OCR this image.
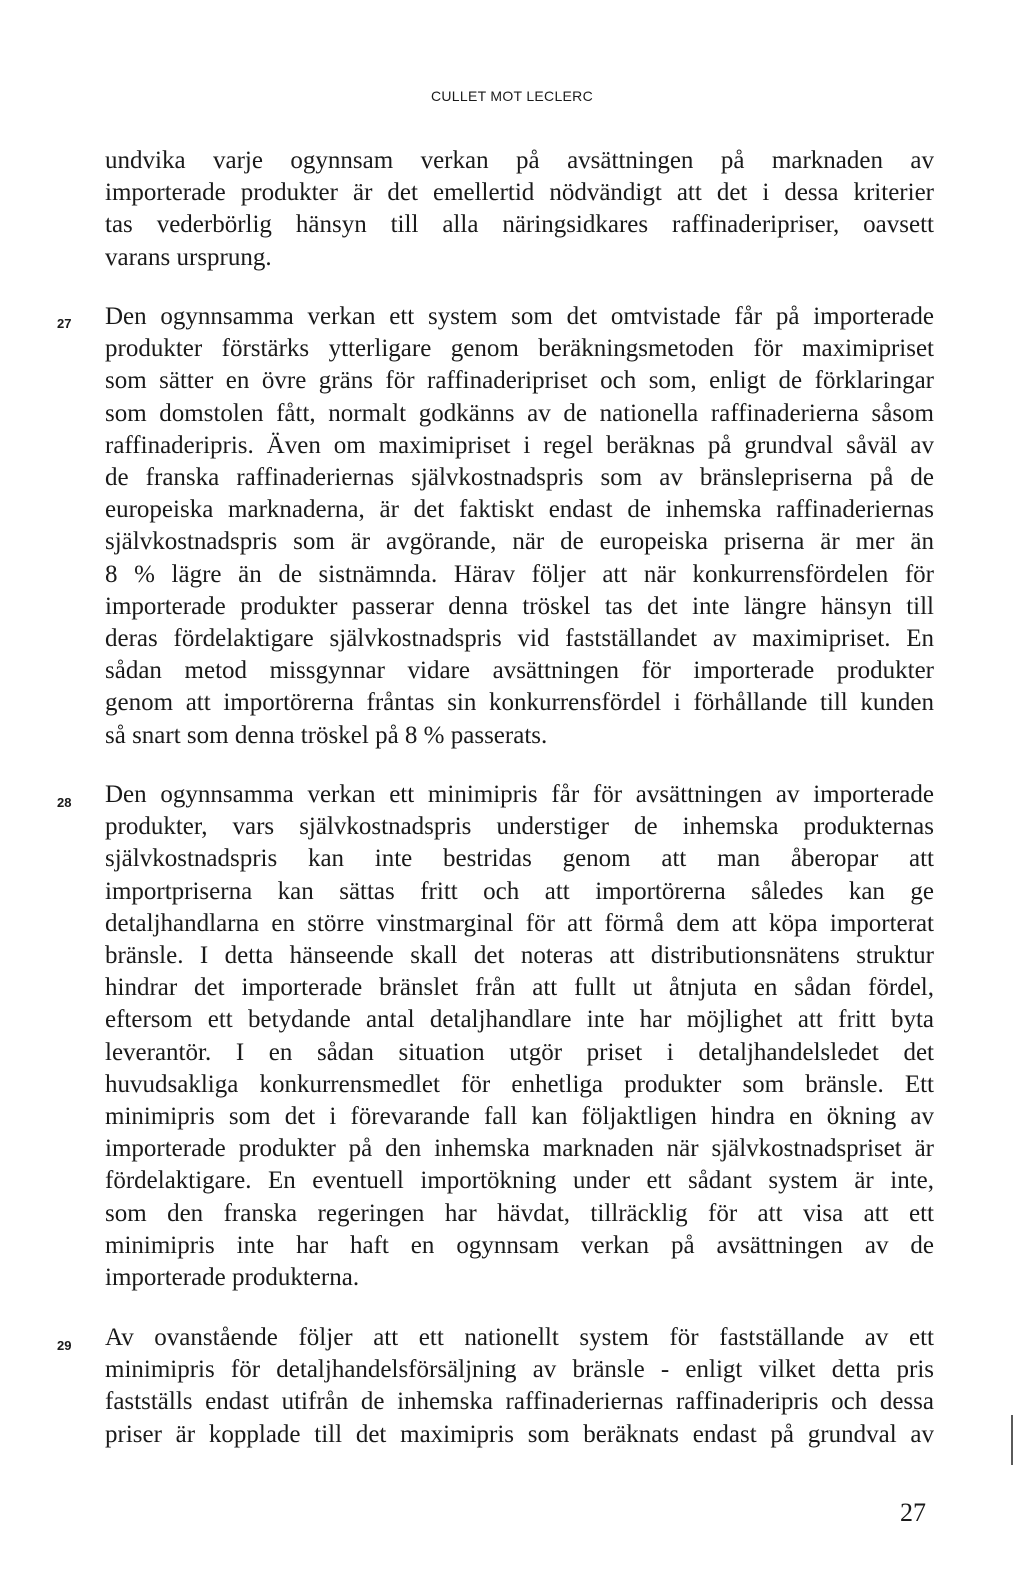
CULLET MOT LECLERC
undvika varje ogynnsam verkan på avsättningen på marknaden av
importerade produkter är det emellertid nödvändigt att det i dessa kriterier
tas vederbörlig hänsyn till alla näringsidkares raffinaderipriser, oavsett
varans ursprung.
27 Den ogynnsamma verkan ett system som det omtvistade får på importerade
produkter förstärks ytterligare genom beräkningsmetoden för maximipriset
som sätter en övre gräns för raffinaderipriset och som, enligt de förklaringar
som domstolen fått, normalt godkänns av de nationella raffinaderierna såsom
raffinaderipris. Även om maximipriset i regel beräknas på grundval såväl av
de franska raffinaderiernas självkostnadspris som av bränslepriserna på de
europeiska marknaderna, är det faktiskt endast de inhemska raffinaderiernas
självkostnadspris som är avgörande, när de europeiska priserna är mer än
8 % lägre än de sistnämnda. Härav följer att när konkurrensfördelen för
importerade produkter passerar denna tröskel tas det inte längre hänsyn till
deras fördelaktigare självkostnadspris vid fastställandet av maximipriset. En
sådan metod missgynnar vidare avsättningen för importerade produkter
genom att importörerna fråntas sin konkurrensfördel i förhållande till kunden
så snart som denna tröskel på 8 % passerats.
28 Den ogynnsamma verkan ett minimipris får för avsättningen av importerade
produkter, vars självkostnadspris understiger de inhemska produkternas
självkostnadspris kan inte bestridas genom att man åberopar att
importpriserna kan sättas fritt och att importörerna således kan ge
detaljhandlarna en större vinstmarginal för att förmå dem att köpa importerat
bränsle. I detta hänseende skall det noteras att distributionsnätens struktur
hindrar det importerade bränslet från att fullt ut åtnjuta en sådan fördel,
eftersom ett betydande antal detaljhandlare inte har möjlighet att fritt byta
leverantör. I en sådan situation utgör priset i detaljhandelsledet det
huvudsakliga konkurrensmedlet för enhetliga produkter som bränsle. Ett
minimipris som det i förevarande fall kan följaktligen hindra en ökning av
importerade produkter på den inhemska marknaden när självkostnadspriset är
fördelaktigare. En eventuell importökning under ett sådant system är inte,
som den franska regeringen har hävdat, tillräcklig för att visa att ett
minimipris inte har haft en ogynnsam verkan på avsättningen av de
importerade produkterna.
29 Av ovanstående följer att ett nationellt system för fastställande av ett
minimipris för detaljhandelsförsäljning av bränsle - enligt vilket detta pris
fastställs endast utifrån de inhemska raffinaderiernas raffinaderipris och dessa
priser är kopplade till det maximipris som beräknats endast på grundval av
27
